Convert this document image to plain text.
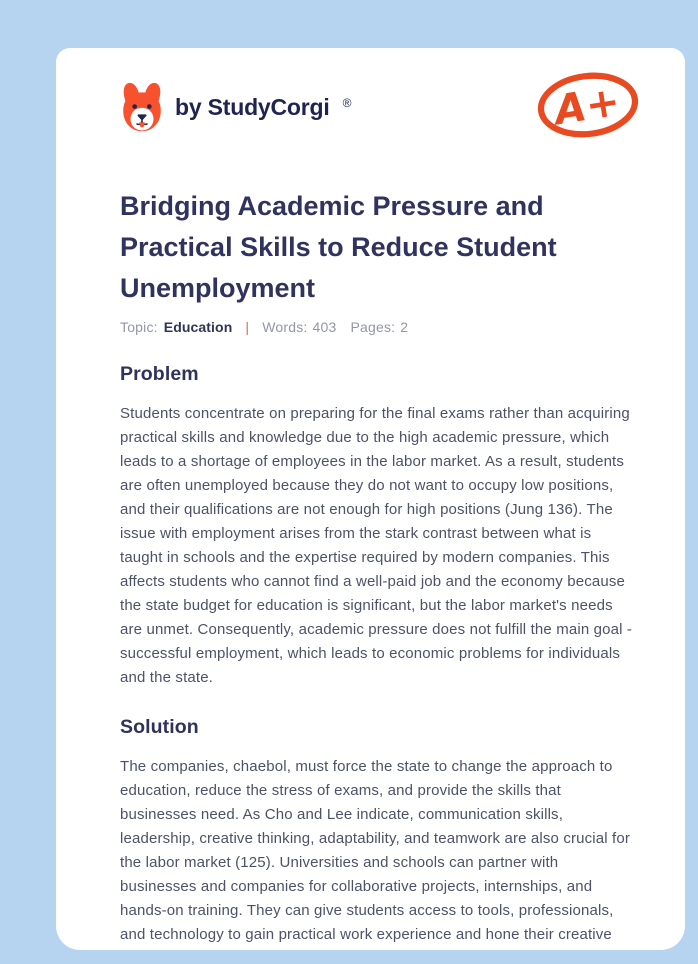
by StudyCorgi ®	A+
Bridging Academic Pressure and Practical Skills to Reduce Student Unemployment
Topic: Education | Words: 403 Pages: 2
Problem

Students concentrate on preparing for the final exams rather than acquiring practical skills and knowledge due to the high academic pressure, which leads to a shortage of employees in the labor market. As a result, students are often unemployed because they do not want to occupy low positions, and their qualifications are not enough for high positions (Jung 136). The issue with employment arises from the stark contrast between what is taught in schools and the expertise required by modern companies. This affects students who cannot find a well-paid job and the economy because the state budget for education is significant, but the labor market's needs are unmet. Consequently, academic pressure does not fulfill the main goal - successful employment, which leads to economic problems for individuals and the state.

Solution

The companies, chaebol, must force the state to change the approach to education, reduce the stress of exams, and provide the skills that businesses need. As Cho and Lee indicate, communication skills, leadership, creative thinking, adaptability, and teamwork are also crucial for the labor market (125). Universities and schools can partner with businesses and companies for collaborative projects, internships, and hands-on training. They can give students access to tools, professionals, and technology to gain practical work experience and hone their creative
